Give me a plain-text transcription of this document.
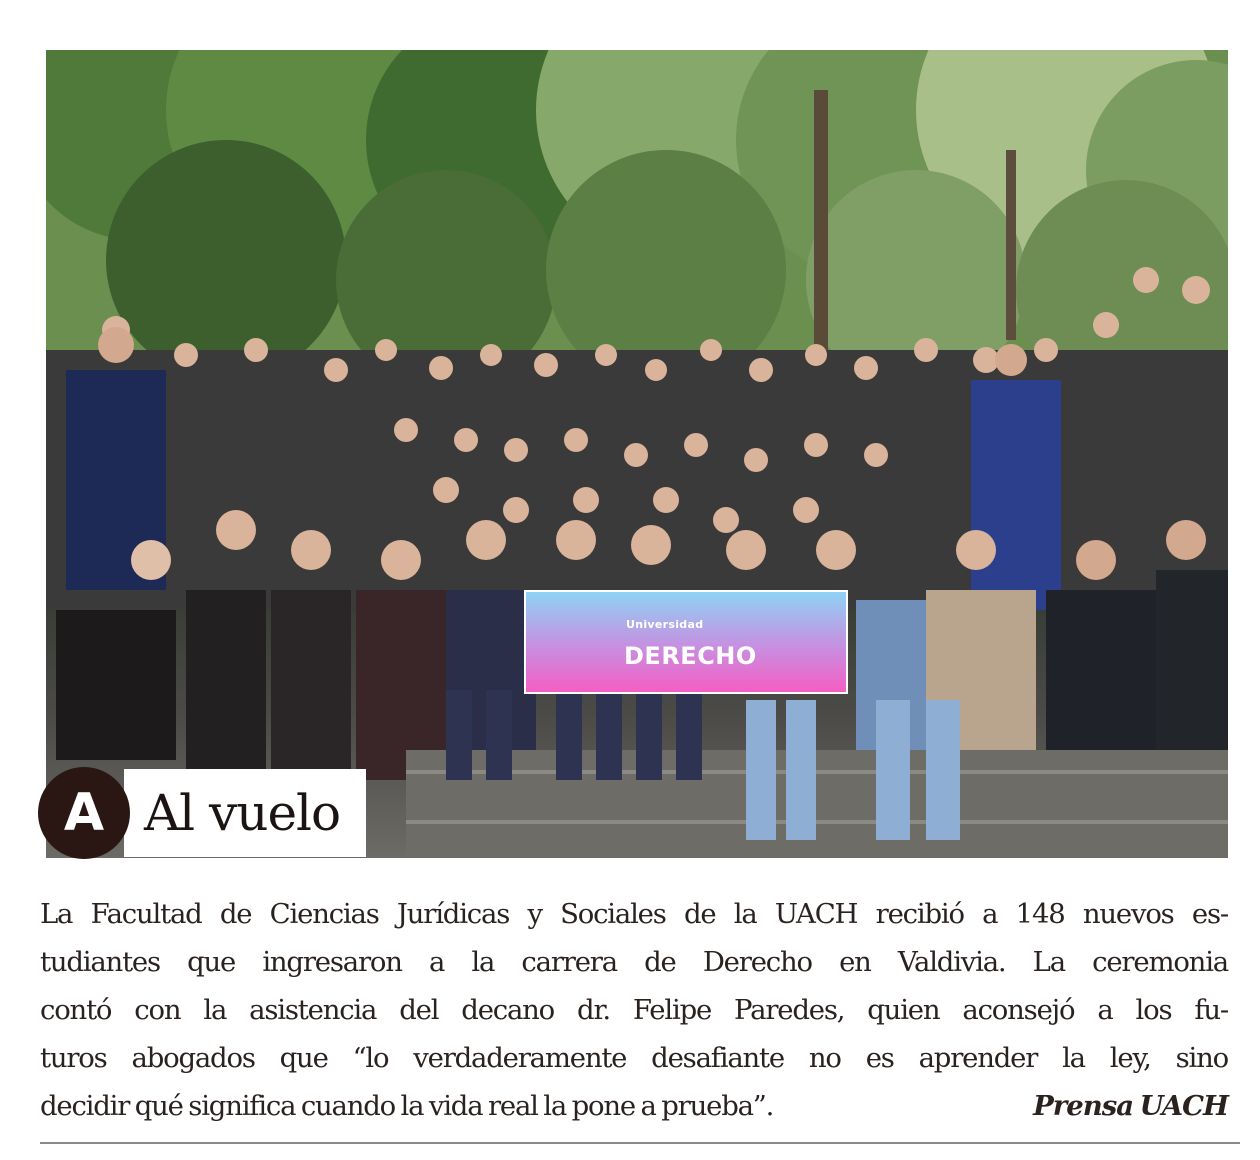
Universidad
DERECHO
A Al vuelo
La Facultad de Ciencias Jurídicas y Sociales de la UACH recibió a 148 nuevos es-
tudiantes que ingresaron a la carrera de Derecho en Valdivia. La ceremonia
contó con la asistencia del decano dr. Felipe Paredes, quien aconsejó a los fu-
turos abogados que “lo verdaderamente desafiante no es aprender la ley, sino
decidir qué significa cuando la vida real la pone a prueba”.	Prensa UACH
